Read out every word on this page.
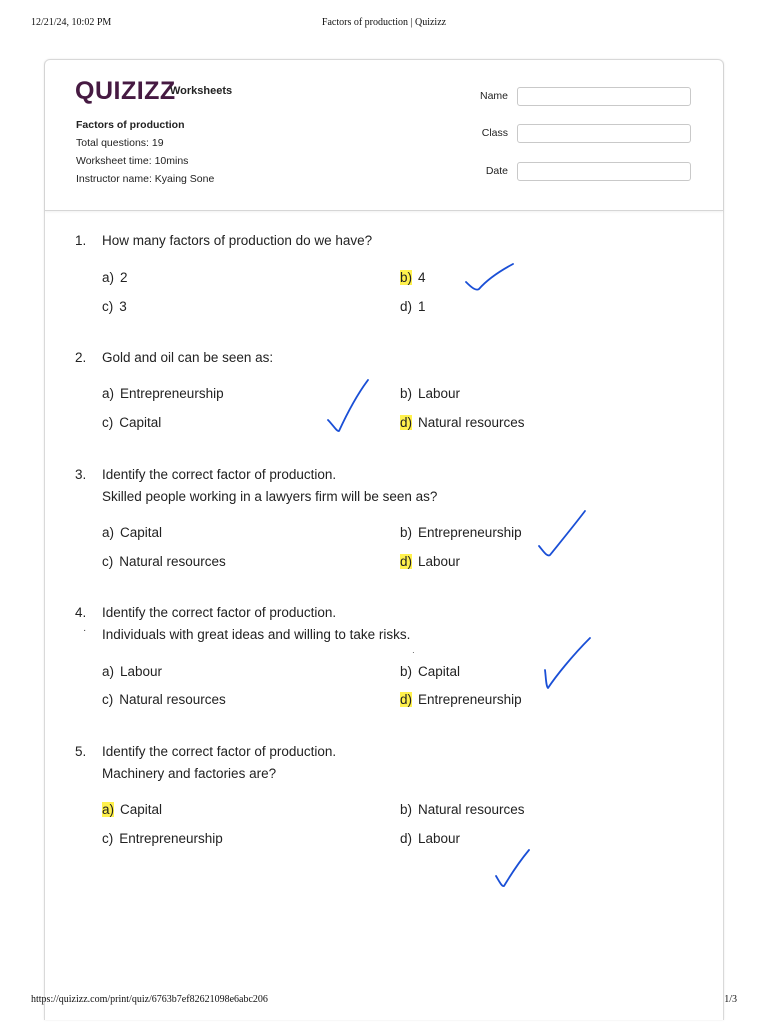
12/21/24, 10:02 PM	Factors of production | Quizizz
QUIZIZZ
Worksheets
Factors of production
Total questions: 19
Worksheet time: 10mins
Instructor name: Kyaing Sone
Name
Class
Date
1. How many factors of production do we have?
a) 2	b) 4
c) 3	d) 1
2. Gold and oil can be seen as:
a) Entrepreneurship	b) Labour
c) Capital	d) Natural resources
3. Identify the correct factor of production.
Skilled people working in a lawyers firm will be seen as?
a) Capital	b) Entrepreneurship
c) Natural resources	d) Labour
4. Identify the correct factor of production.
Individuals with great ideas and willing to take risks.
a) Labour	b) Capital
c) Natural resources	d) Entrepreneurship
5. Identify the correct factor of production.
Machinery and factories are?
a) Capital	b) Natural resources
c) Entrepreneurship	d) Labour
·
·
https://quizizz.com/print/quiz/6763b7ef82621098e6abc206	1/3
